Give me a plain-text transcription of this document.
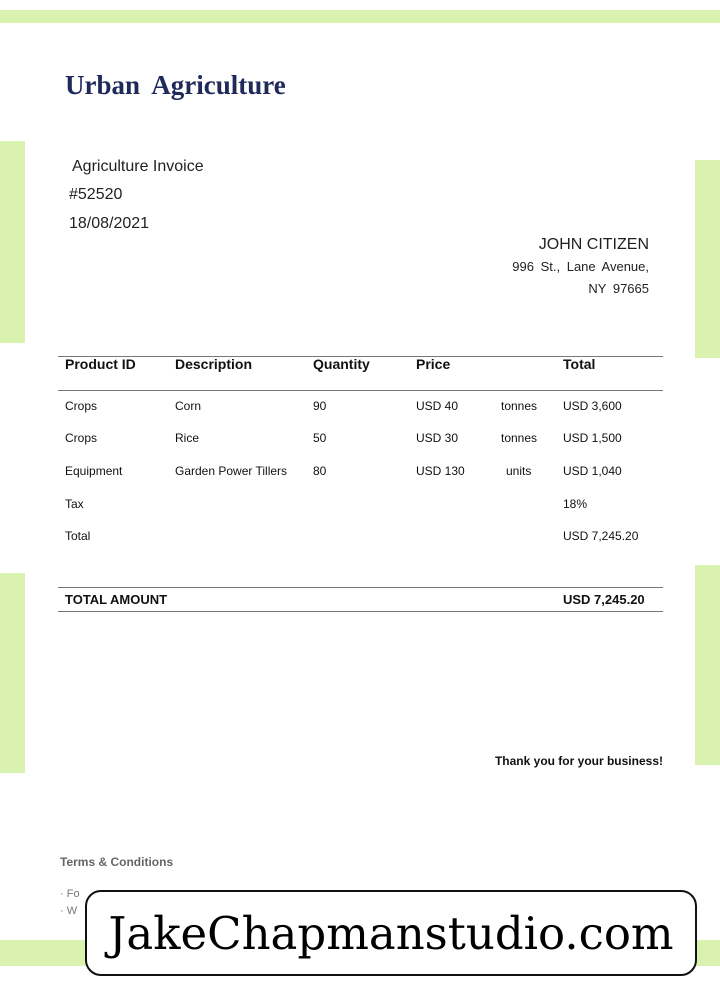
Urban Agriculture
Agriculture Invoice
#52520
18/08/2021
JOHN CITIZEN
996 St., Lane Avenue,
NY 97665
Product ID	Description	Quantity	Price	Total
Crops	Corn	90	USD 40	tonnes USD 3,600
Crops	Rice	50	USD 30	tonnes USD 1,500
Equipment	Garden Power Tillers 80	USD 130	units	USD 1,040
Tax	18%
Total	USD 7,245.20
TOTAL AMOUNT	USD 7,245.20
Thank you for your business!
Terms & Conditions
· Fo
· W JakeChapmanstudio.com
